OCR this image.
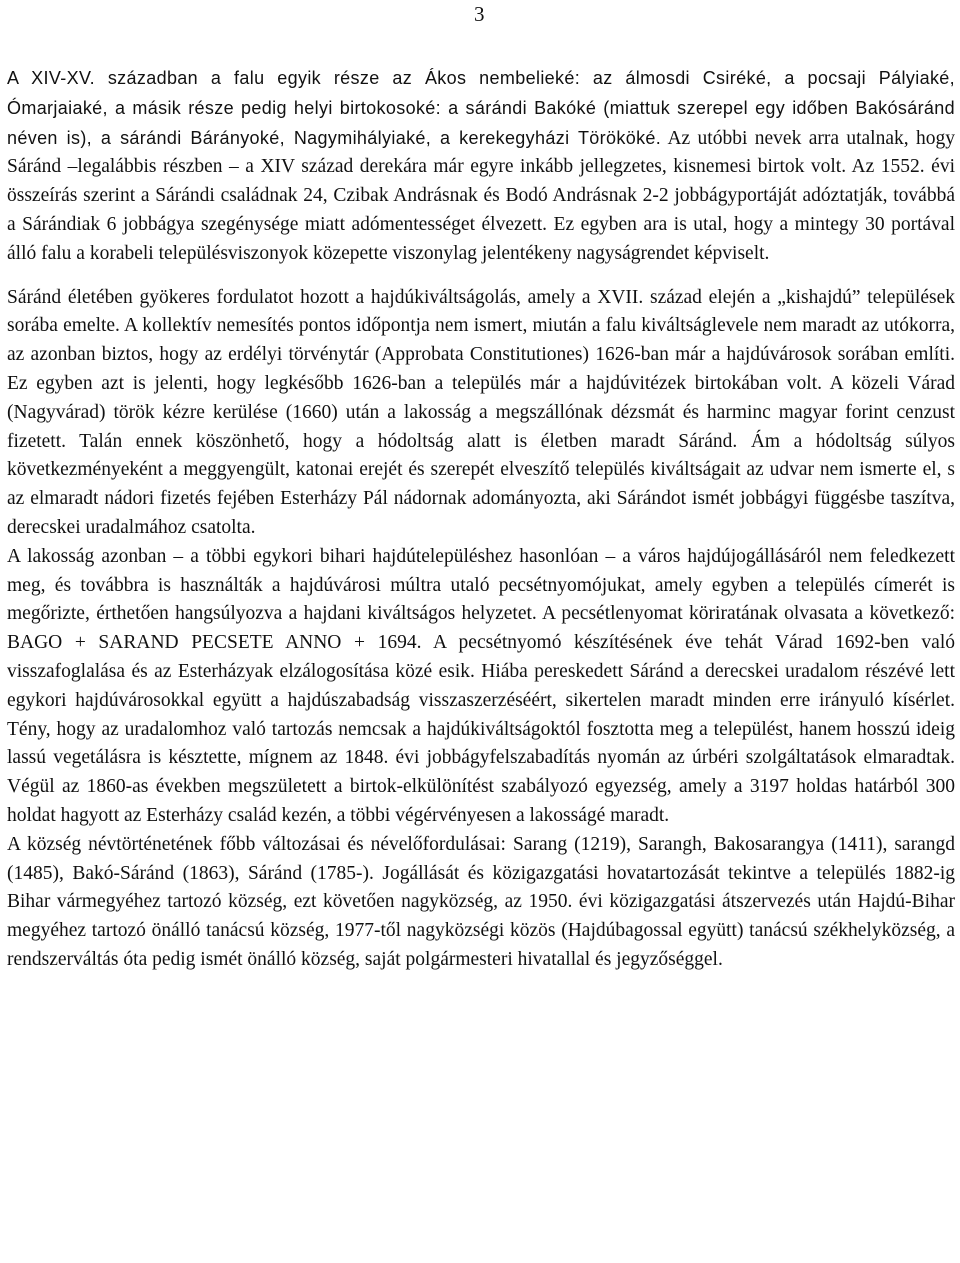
3

A XIV-XV. században a falu egyik része az Ákos nembelieké: az álmosdi Csiréké, a pocsaji Pályiaké, Ómarjaiaké, a másik része pedig helyi birtokosoké: a sárándi Bakóké (miattuk szerepel egy időben Bakósáránd néven is), a sárándi Bárányoké, Nagymihályiaké, a kerekegyházi Törököké. Az utóbbi nevek arra utalnak, hogy Sáránd –legalábbis részben – a XIV század derekára már egyre inkább jellegzetes, kisnemesi birtok volt. Az 1552. évi összeírás szerint a Sárándi családnak 24, Czibak Andrásnak és Bodó Andrásnak 2-2 jobbágyportáját adóztatják, továbbá a Sárándiak 6 jobbágya szegénysége miatt adómentességet élvezett. Ez egyben ara is utal, hogy a mintegy 30 portával álló falu a korabeli településviszonyok közepette viszonylag jelentékeny nagyságrendet képviselt.

Sáránd életében gyökeres fordulatot hozott a hajdúkiváltságolás, amely a XVII. század elején a „kishajdú” települések sorába emelte. A kollektív nemesítés pontos időpontja nem ismert, miután a falu kiváltságlevele nem maradt az utókorra, az azonban biztos, hogy az erdélyi törvénytár (Approbata Constitutiones) 1626-ban már a hajdúvárosok sorában említi. Ez egyben azt is jelenti, hogy legkésőbb 1626-ban a település már a hajdúvitézek birtokában volt. A közeli Várad (Nagyvárad) török kézre kerülése (1660) után a lakosság a megszállónak dézsmát és harminc magyar forint cenzust fizetett. Talán ennek köszönhető, hogy a hódoltság alatt is életben maradt Sáránd. Ám a hódoltság súlyos következményeként a meggyengült, katonai erejét és szerepét elveszítő település kiváltságait az udvar nem ismerte el, s az elmaradt nádori fizetés fejében Esterházy Pál nádornak adományozta, aki Sárándot ismét jobbágyi függésbe taszítva, derecskei uradalmához csatolta.

A lakosság azonban – a többi egykori bihari hajdútelepüléshez hasonlóan – a város hajdújogállásáról nem feledkezett meg, és továbbra is használták a hajdúvárosi múltra utaló pecsétnyomójukat, amely egyben a település címerét is megőrizte, érthetően hangsúlyozva a hajdani kiváltságos helyzetet. A pecsétlenyomat köriratának olvasata a következő: BAGO + SARAND PECSETE ANNO + 1694. A pecsétnyomó készítésének éve tehát Várad 1692-ben való visszafoglalása és az Esterházyak elzálogosítása közé esik. Hiába pereskedett Sáránd a derecskei uradalom részévé lett egykori hajdúvárosokkal együtt a hajdúszabadság visszaszerzéséért, sikertelen maradt minden erre irányuló kísérlet. Tény, hogy az uradalomhoz való tartozás nemcsak a hajdúkiváltságoktól fosztotta meg a települést, hanem hosszú ideig lassú vegetálásra is késztette, mígnem az 1848. évi jobbágyfelszabadítás nyomán az úrbéri szolgáltatások elmaradtak. Végül az 1860-as években megszületett a birtok-elkülönítést szabályozó egyezség, amely a 3197 holdas határból 300 holdat hagyott az Esterházy család kezén, a többi végérvényesen a lakosságé maradt.

A község névtörténetének főbb változásai és névelőfordulásai: Sarang (1219), Sarangh, Bakosarangya (1411), sarangd (1485), Bakó-Sáránd (1863), Sáránd (1785-). Jogállását és közigazgatási hovatartozását tekintve a település 1882-ig Bihar vármegyéhez tartozó község, ezt követően nagyközség, az 1950. évi közigazgatási átszervezés után Hajdú-Bihar megyéhez tartozó önálló tanácsú község, 1977-től nagyközségi közös (Hajdúbagossal együtt) tanácsú székhelyközség, a rendszerváltás óta pedig ismét önálló község, saját polgármesteri hivatallal és jegyzőséggel.
